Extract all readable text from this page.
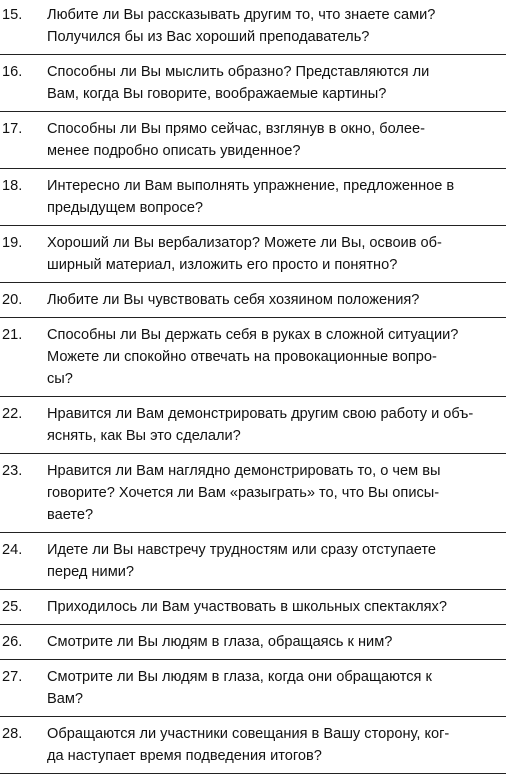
15.	Любите ли Вы рассказывать другим то, что знаете сами?
Получился бы из Вас хороший преподаватель?
16.	Способны ли Вы мыслить образно? Представляются ли
Вам, когда Вы говорите, воображаемые картины?
17.	Способны ли Вы прямо сейчас, взглянув в окно, более-
менее подробно описать увиденное?
18.	Интересно ли Вам выполнять упражнение, предложенное в
предыдущем вопросе?
19.	Хороший ли Вы вербализатор? Можете ли Вы, освоив об-
ширный материал, изложить его просто и понятно?
20.	Любите ли Вы чувствовать себя хозяином положения?
21.	Способны ли Вы держать себя в руках в сложной ситуации?
Можете ли спокойно отвечать на провокационные вопро-
сы?
22.	Нравится ли Вам демонстрировать другим свою работу и объ-
яснять, как Вы это сделали?
23.	Нравится ли Вам наглядно демонстрировать то, о чем вы
говорите? Хочется ли Вам «разыграть» то, что Вы описы-
ваете?
24.	Идете ли Вы навстречу трудностям или сразу отступаете
перед ними?
25.	Приходилось ли Вам участвовать в школьных спектаклях?
26.	Смотрите ли Вы людям в глаза, обращаясь к ним?
27.	Смотрите ли Вы людям в глаза, когда они обращаются к
Вам?
28.	Обращаются ли участники совещания в Вашу сторону, ког-
да наступает время подведения итогов?
